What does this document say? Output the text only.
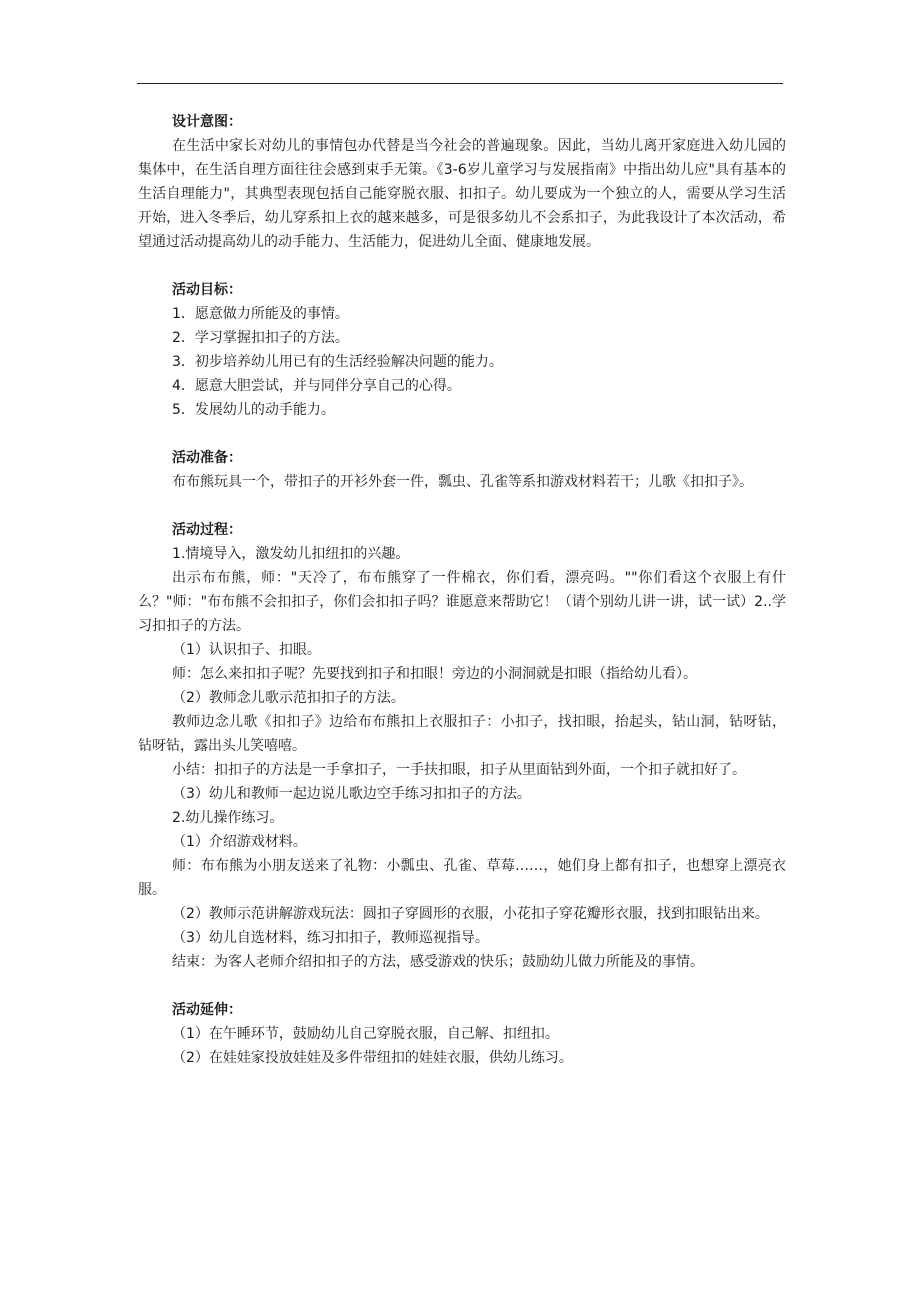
设计意图：

在生活中家长对幼儿的事情包办代替是当今社会的普遍现象。因此，当幼儿离开家庭进入幼儿园的集体中，在生活自理方面往往会感到束手无策。《3-6岁儿童学习与发展指南》中指出幼儿应"具有基本的生活自理能力"，其典型表现包括自己能穿脱衣服、扣扣子。幼儿要成为一个独立的人，需要从学习生活开始，进入冬季后，幼儿穿系扣上衣的越来越多，可是很多幼儿不会系扣子，为此我设计了本次活动，希望通过活动提高幼儿的动手能力、生活能力，促进幼儿全面、健康地发展。

活动目标：

1．愿意做力所能及的事情。

2．学习掌握扣扣子的方法。

3．初步培养幼儿用已有的生活经验解决问题的能力。

4．愿意大胆尝试，并与同伴分享自己的心得。

5．发展幼儿的动手能力。

活动准备：

布布熊玩具一个，带扣子的开衫外套一件，瓢虫、孔雀等系扣游戏材料若干；儿歌《扣扣子》。

活动过程：

1.情境导入，激发幼儿扣纽扣的兴趣。

出示布布熊，师："天冷了，布布熊穿了一件棉衣，你们看，漂亮吗。""你们看这个衣服上有什么？"师："布布熊不会扣扣子，你们会扣扣子吗？谁愿意来帮助它！（请个别幼儿讲一讲，试一试）2..学习扣扣子的方法。

（1）认识扣子、扣眼。

师：怎么来扣扣子呢？先要找到扣子和扣眼！旁边的小洞洞就是扣眼（指给幼儿看）。

（2）教师念儿歌示范扣扣子的方法。

教师边念儿歌《扣扣子》边给布布熊扣上衣服扣子：小扣子，找扣眼，抬起头，钻山洞，钻呀钻，钻呀钻，露出头儿笑嘻嘻。

小结：扣扣子的方法是一手拿扣子，一手扶扣眼，扣子从里面钻到外面，一个扣子就扣好了。

（3）幼儿和教师一起边说儿歌边空手练习扣扣子的方法。

2.幼儿操作练习。

（1）介绍游戏材料。

师：布布熊为小朋友送来了礼物：小瓢虫、孔雀、草莓……，她们身上都有扣子，也想穿上漂亮衣服。

（2）教师示范讲解游戏玩法：圆扣子穿圆形的衣服，小花扣子穿花瓣形衣服，找到扣眼钻出来。

（3）幼儿自选材料，练习扣扣子，教师巡视指导。

结束：为客人老师介绍扣扣子的方法，感受游戏的快乐；鼓励幼儿做力所能及的事情。

活动延伸：

（1）在午睡环节，鼓励幼儿自己穿脱衣服，自己解、扣纽扣。

（2）在娃娃家投放娃娃及多件带纽扣的娃娃衣服，供幼儿练习。
